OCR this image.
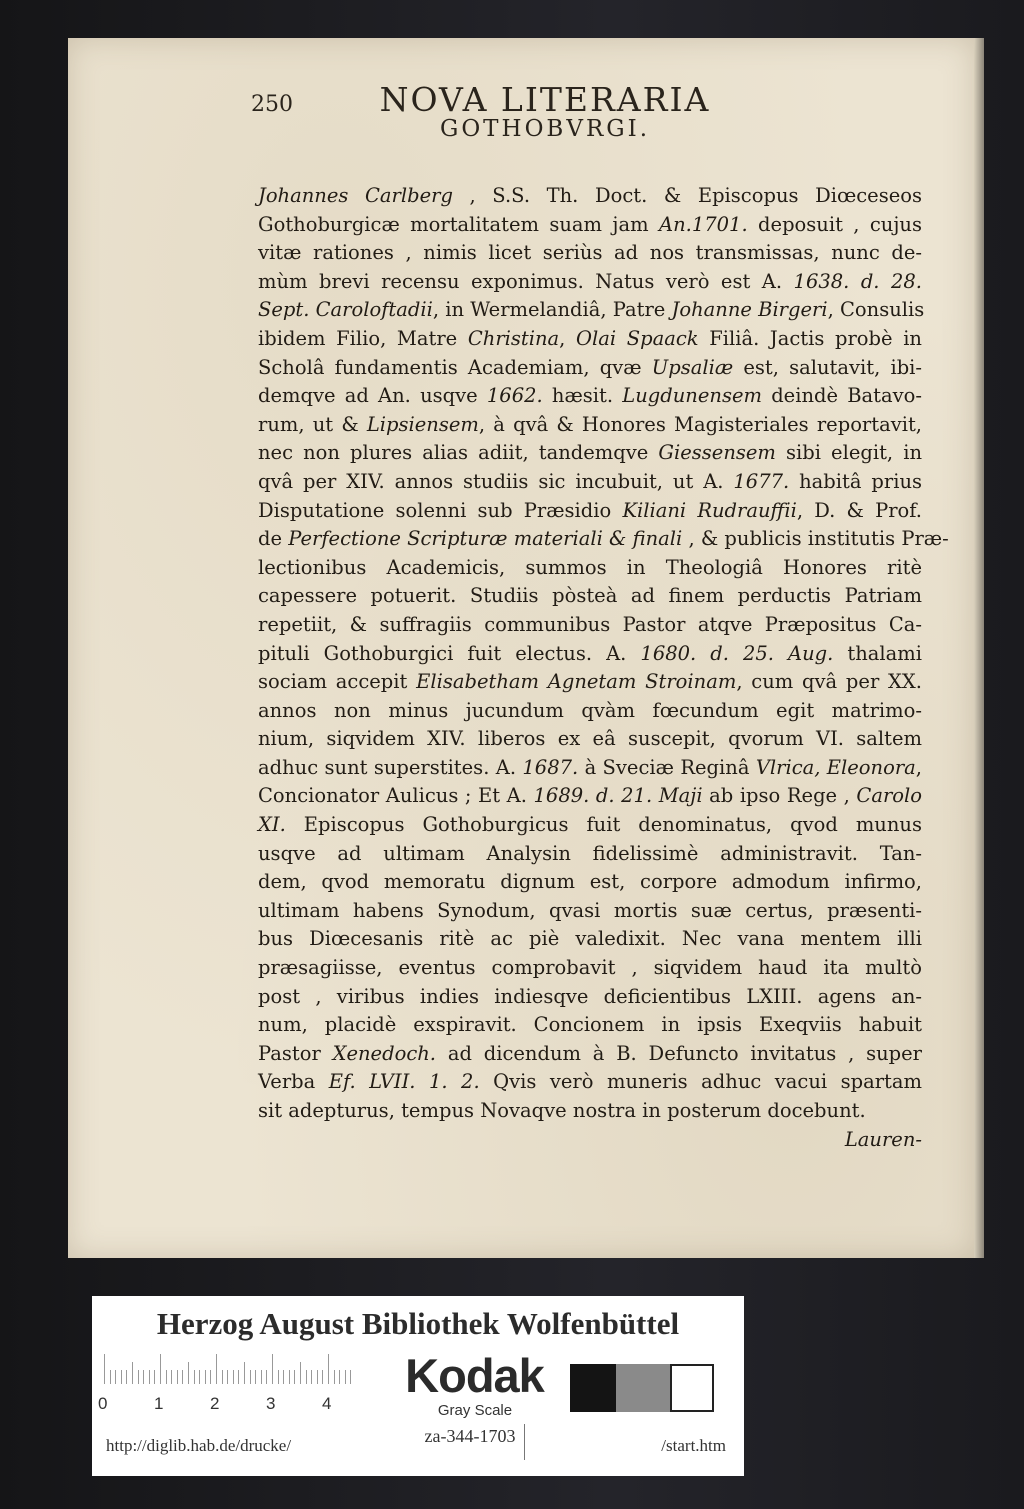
250	NOVA LITERARIA
GOTHOBVRGI.
Johannes Carlberg , S.S. Th. Doct. & Episcopus Diœceseos
Gothoburgicæ mortalitatem suam jam An.1701. deposuit , cujus
vitæ rationes , nimis licet seriùs ad nos transmissas, nunc de-
mùm brevi recensu exponimus. Natus verò est A. 1638. d. 28.
Sept. Caroloftadii, in Wermelandiâ, Patre Johanne Birgeri, Consulis
ibidem Filio, Matre Christina, Olai Spaack Filiâ. Jactis probè in
Scholâ fundamentis Academiam, qvæ Upsaliæ est, salutavit, ibi-
demqve ad An. usqve 1662. hæsit. Lugdunensem deindè Batavo-
rum, ut & Lipsiensem, à qvâ & Honores Magisteriales reportavit,
nec non plures alias adiit, tandemqve Giessensem sibi elegit, in
qvâ per XIV. annos studiis sic incubuit, ut A. 1677. habitâ prius
Disputatione solenni sub Præsidio Kiliani Rudrauffii, D. & Prof.
de Perfectione Scripturæ materiali & finali , & publicis institutis Præ-
lectionibus Academicis, summos in Theologiâ Honores ritè
capessere potuerit. Studiis pòsteà ad finem perductis Patriam
repetiit, & suffragiis communibus Pastor atqve Præpositus Ca-
pituli Gothoburgici fuit electus. A. 1680. d. 25. Aug. thalami
sociam accepit Elisabetham Agnetam Stroinam, cum qvâ per XX.
annos non minus jucundum qvàm fœcundum egit matrimo-
nium, siqvidem XIV. liberos ex eâ suscepit, qvorum VI. saltem
adhuc sunt superstites. A. 1687. à Sveciæ Reginâ Vlrica, Eleonora,
Concionator Aulicus ; Et A. 1689. d. 21. Maji ab ipso Rege , Carolo
XI. Episcopus Gothoburgicus fuit denominatus, qvod munus
usqve ad ultimam Analysin fidelissimè administravit. Tan-
dem, qvod memoratu dignum est, corpore admodum infirmo,
ultimam habens Synodum, qvasi mortis suæ certus, præsenti-
bus Diœcesanis ritè ac piè valedixit. Nec vana mentem illi
præsagiisse, eventus comprobavit , siqvidem haud ita multò
post , viribus indies indiesqve deficientibus LXIII. agens an-
num, placidè exspiravit. Concionem in ipsis Exeqviis habuit
Pastor Xenedoch. ad dicendum à B. Defuncto invitatus , super
Verba Ef. LVII. 1. 2. Qvis verò muneris adhuc vacui spartam
sit adepturus, tempus Novaqve nostra in posterum docebunt.
Lauren-
Herzog August Bibliothek Wolfenbüttel
0	1	2	3	4
Kodak
Gray Scale
http://diglib.hab.de/drucke/	za-344-1703	/start.htm
